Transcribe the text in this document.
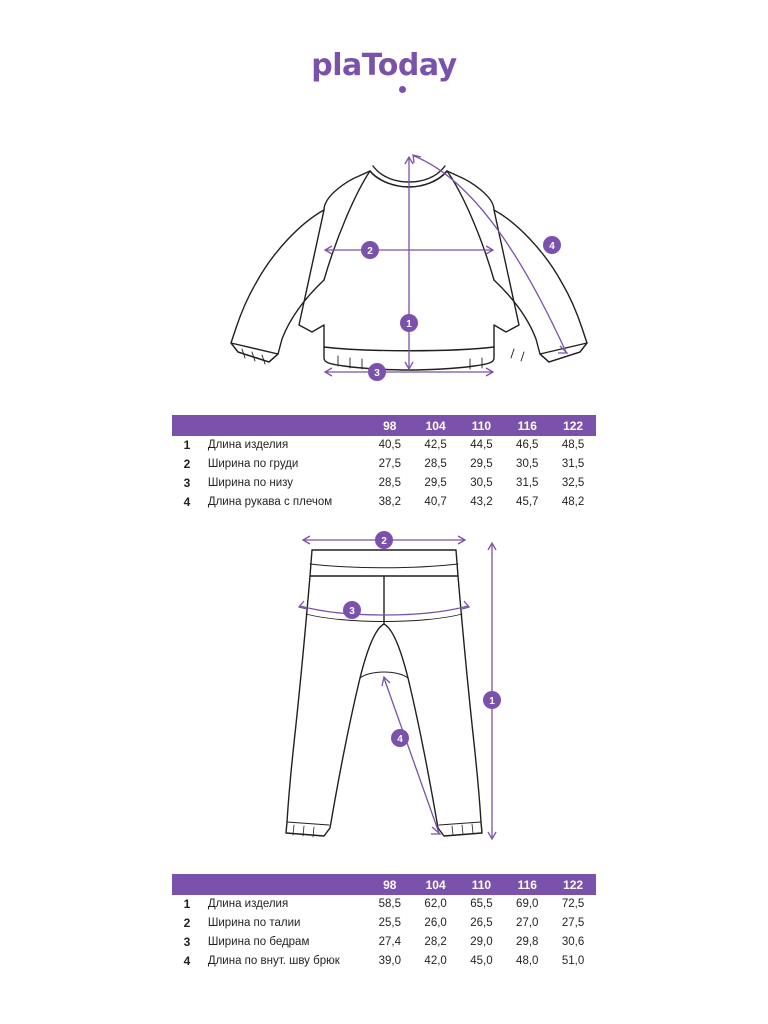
plaToday
1
2
3
4
		98	104	110	116	122
1	Длина изделия	40,5	42,5	44,5	46,5	48,5
2	Ширина по груди	27,5	28,5	29,5	30,5	31,5
3	Ширина по низу	28,5	29,5	30,5	31,5	32,5
4	Длина рукава с плечом	38,2	40,7	43,2	45,7	48,2
2
3
1
4
		98	104	110	116	122
1	Длина изделия	58,5	62,0	65,5	69,0	72,5
2	Ширина по талии	25,5	26,0	26,5	27,0	27,5
3	Ширина по бедрам	27,4	28,2	29,0	29,8	30,6
4	Длина по внут. шву брюк	39,0	42,0	45,0	48,0	51,0
